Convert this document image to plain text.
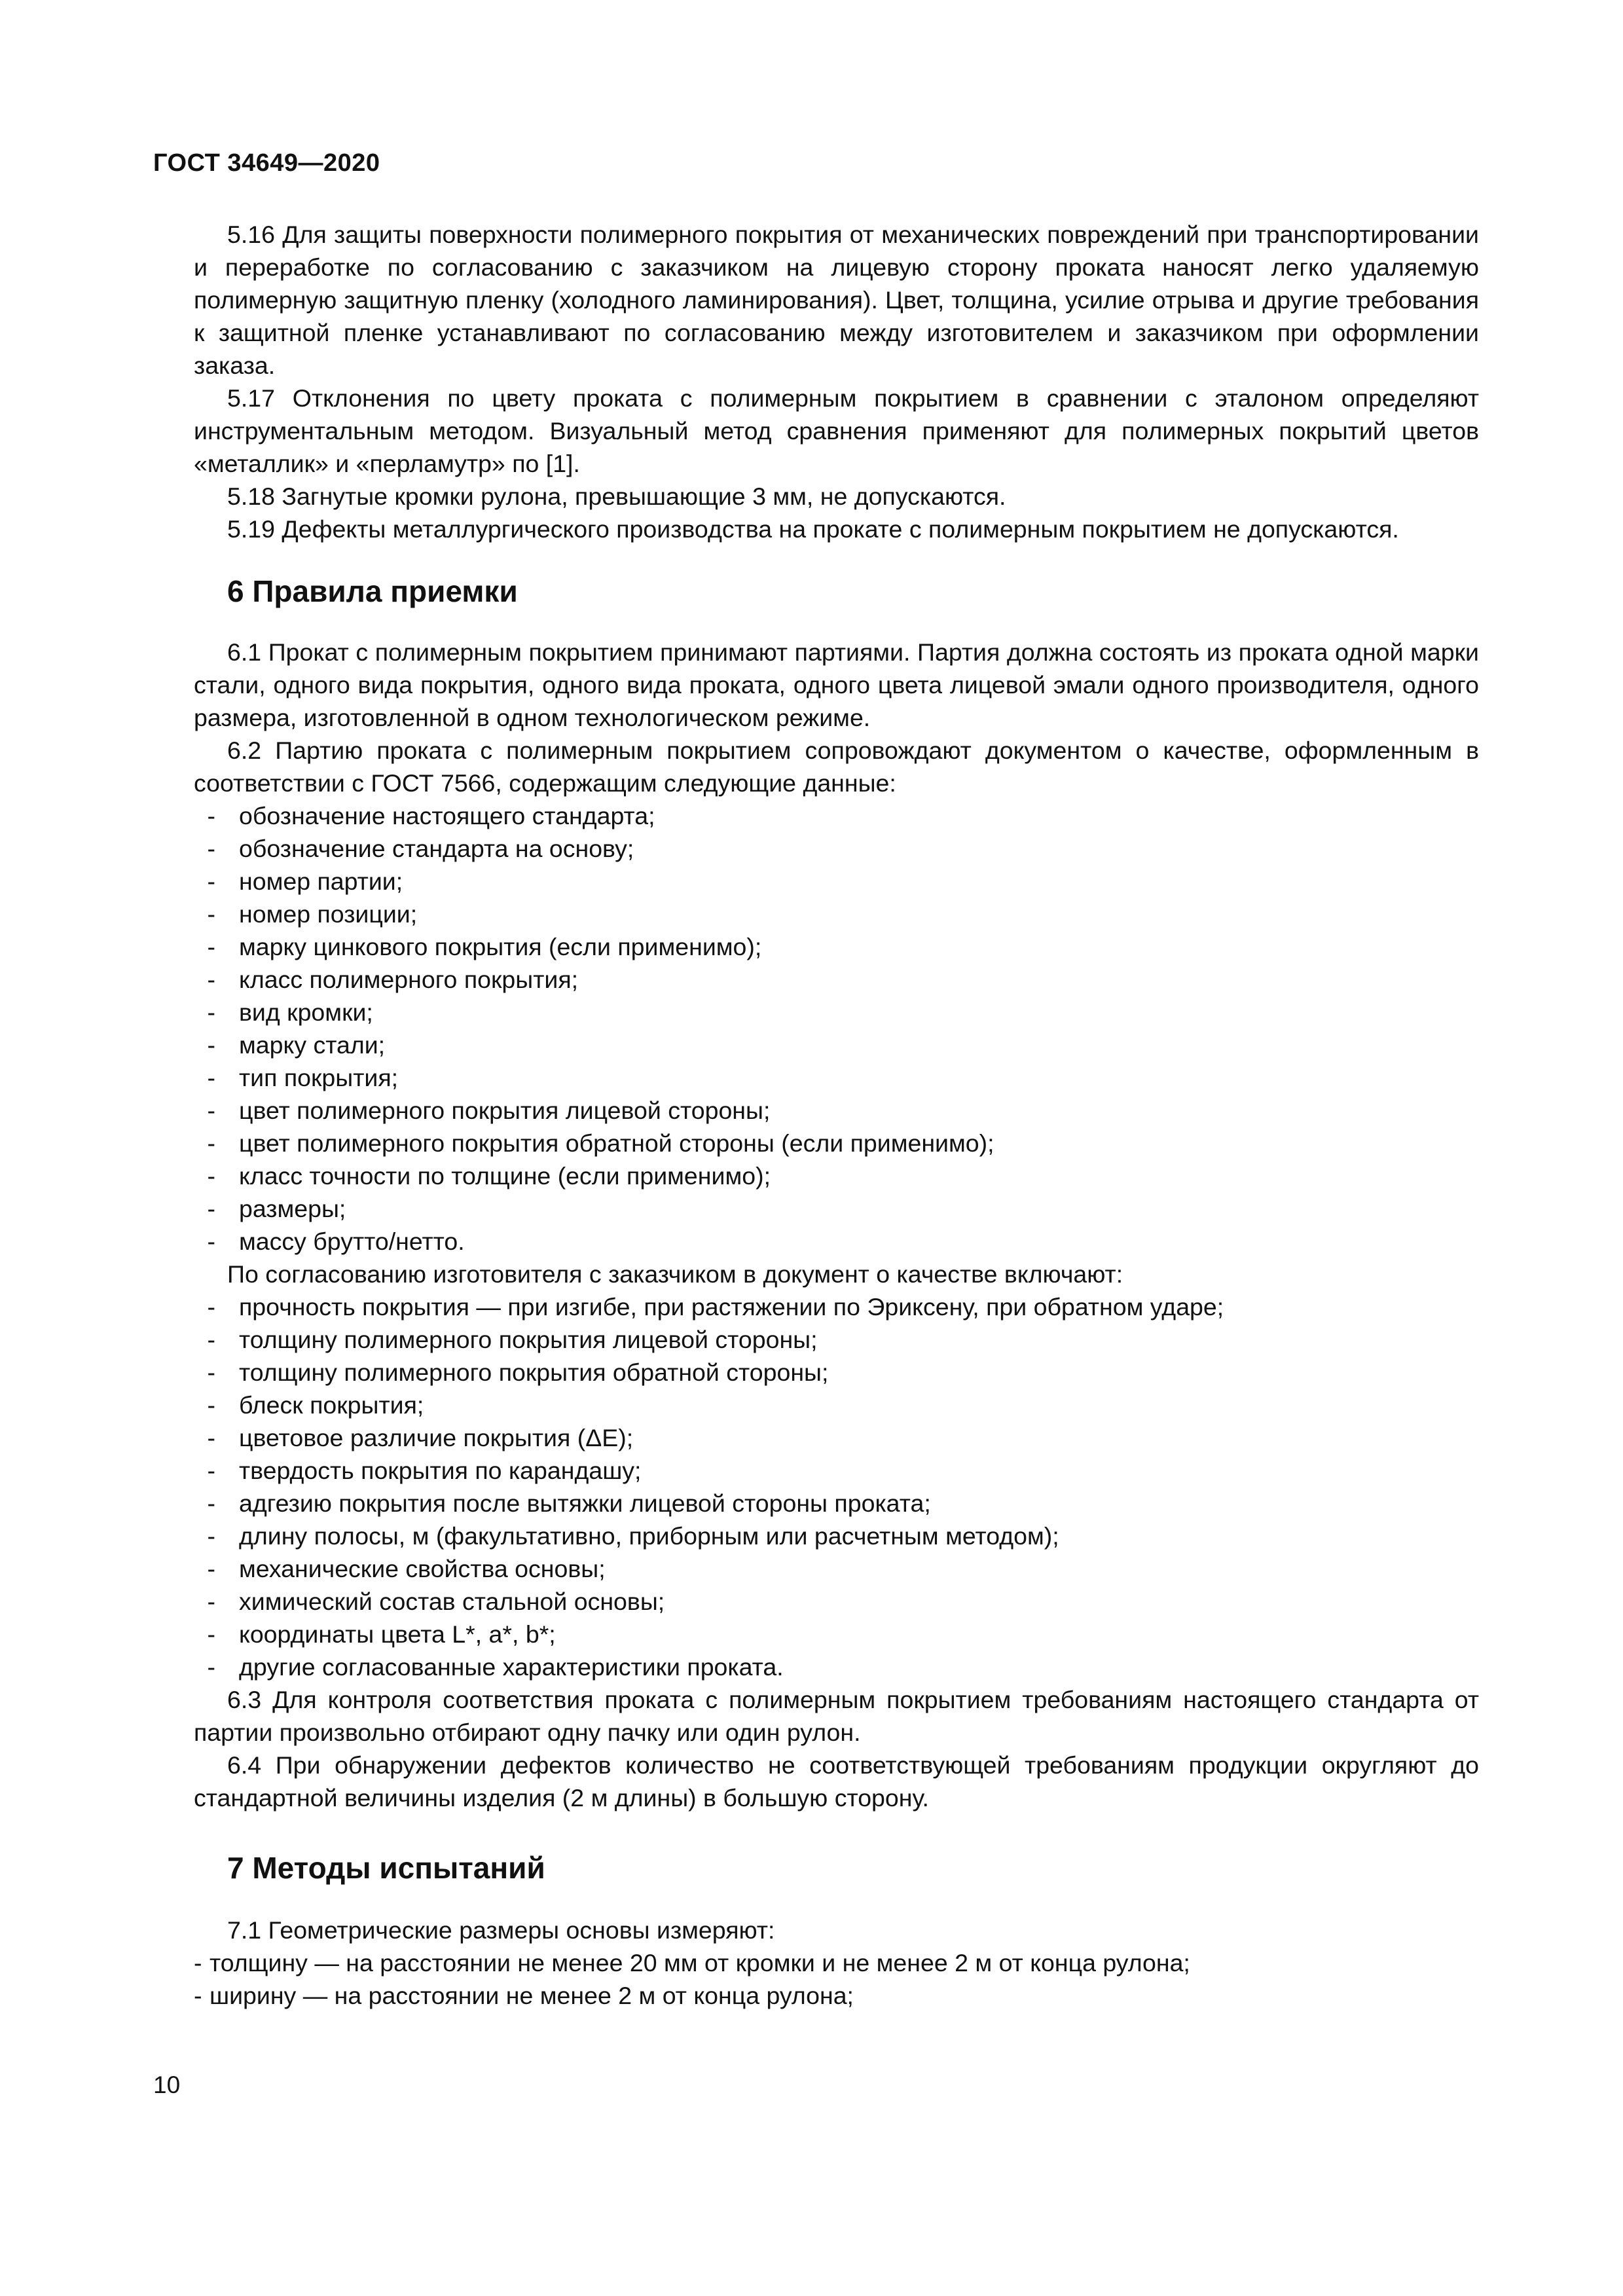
ГОСТ 34649—2020

5.16 Для защиты поверхности полимерного покрытия от механических повреждений при транспортировании и переработке по согласованию с заказчиком на лицевую сторону проката наносят легко удаляемую полимерную защитную пленку (холодного ламинирования). Цвет, толщина, усилие отрыва и другие требования к защитной пленке устанавливают по согласованию между изготовителем и заказчиком при оформлении заказа.

5.17 Отклонения по цвету проката с полимерным покрытием в сравнении с эталоном определяют инструментальным методом. Визуальный метод сравнения применяют для полимерных покрытий цветов «металлик» и «перламутр» по [1].

5.18 Загнутые кромки рулона, превышающие 3 мм, не допускаются.

5.19 Дефекты металлургического производства на прокате с полимерным покрытием не допускаются.

6 Правила приемки

6.1 Прокат с полимерным покрытием принимают партиями. Партия должна состоять из проката одной марки стали, одного вида покрытия, одного вида проката, одного цвета лицевой эмали одного производителя, одного размера, изготовленной в одном технологическом режиме.

6.2 Партию проката с полимерным покрытием сопровождают документом о качестве, оформленным в соответствии с ГОСТ 7566, содержащим следующие данные:

- обозначение настоящего стандарта;
- обозначение стандарта на основу;
- номер партии;
- номер позиции;
- марку цинкового покрытия (если применимо);
- класс полимерного покрытия;
- вид кромки;
- марку стали;
- тип покрытия;
- цвет полимерного покрытия лицевой стороны;
- цвет полимерного покрытия обратной стороны (если применимо);
- класс точности по толщине (если применимо);
- размеры;
- массу брутто/нетто.

По согласованию изготовителя с заказчиком в документ о качестве включают:

- прочность покрытия — при изгибе, при растяжении по Эриксену, при обратном ударе;
- толщину полимерного покрытия лицевой стороны;
- толщину полимерного покрытия обратной стороны;
- блеск покрытия;
- цветовое различие покрытия (ΔE);
- твердость покрытия по карандашу;
- адгезию покрытия после вытяжки лицевой стороны проката;
- длину полосы, м (факультативно, приборным или расчетным методом);
- механические свойства основы;
- химический состав стальной основы;
- координаты цвета L*, a*, b*;
- другие согласованные характеристики проката.

6.3 Для контроля соответствия проката с полимерным покрытием требованиям настоящего стандарта от партии произвольно отбирают одну пачку или один рулон.

6.4 При обнаружении дефектов количество не соответствующей требованиям продукции округляют до стандартной величины изделия (2 м длины) в большую сторону.

7 Методы испытаний

7.1 Геометрические размеры основы измеряют:

- толщину — на расстоянии не менее 20 мм от кромки и не менее 2 м от конца рулона;
- ширину — на расстоянии не менее 2 м от конца рулона;
10
